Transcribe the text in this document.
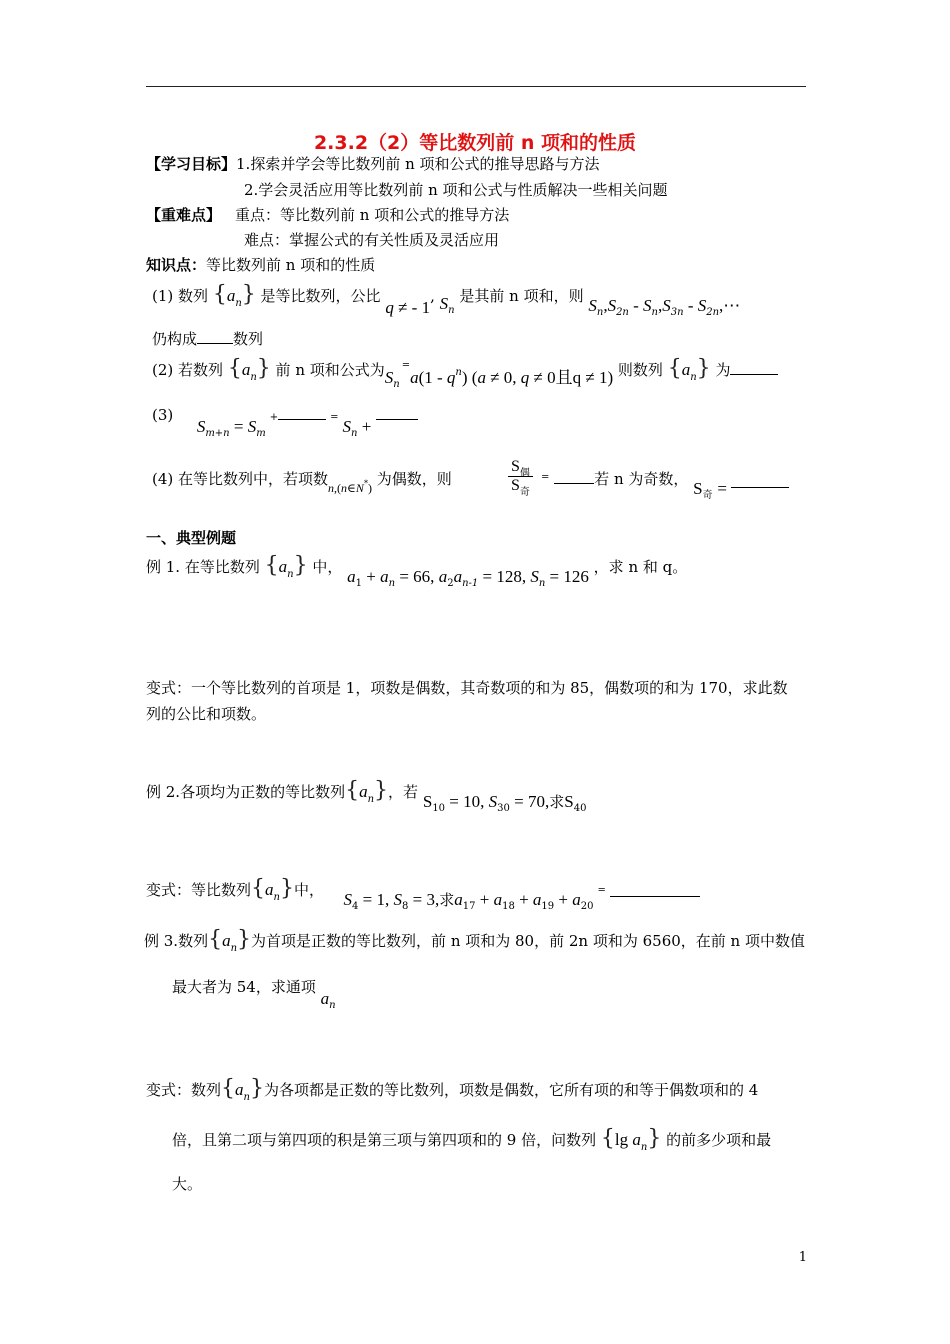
2.3.2（2）等比数列前 n 项和的性质
【学习目标】1.探索并学会等比数列前 n 项和公式的推导思路与方法
2.学会灵活应用等比数列前 n 项和公式与性质解决一些相关问题
【重难点】 重点：等比数列前 n 项和公式的推导方法
难点：掌握公式的有关性质及灵活应用
知识点：等比数列前 n 项和的性质
(1) 数列 $\{a_n\}$ 是等比数列，公比 q ≠ - 1, $S_n$ 是其前 n 项和，则 $S_n,S_{2n} - S_n,S_{3n}$ - $S_{2n},\cdots$
仍构成 数列
(2) 若数列 $\{a_n\}$ 前 n 项和公式为$S_n^=a(1 - qn) (a \ne 0$, q ≠ 0且q ≠ 1) 则数列 $\{a_n\}$ 为
(3)  $S_{m+n} = S_m+$	= $S_n$ +
(4) 在等比数列中，若项数$_{n,(n\in N}*_)$ 为偶数，则	$\frac{S_偶}{S_奇} ^=$	若 n 为奇数， $S_奇$ =
一、典型例题
例 1. 在等比数列 $\{a_n\}$ 中， $a_1 + a_n = 66$, $a_2a_{n-1} = 128$, $S_n = 126$ ，求 n 和 q。
变式：一个等比数列的首项是 1，项数是偶数，其奇数项的和为 85，偶数项的和为 170，求此数
列的公比和项数。
例 2.各项均为正数的等比数列$\{a_n\}$，若 $S_{10} = 10$, $S_{30} = 70$,求$S_{40}$
变式：等比数列$\{a_n\}$中， $S_4 = 1$, $S_8 = 3$,求$a_{17} + a_{18} + a_{19} + a_{20}=$
例 3.数列$\{a_n\}$为首项是正数的等比数列，前 n 项和为 80，前 2n 项和为 6560，在前 n 项中数值
最大者为 54，求通项 $a_n$
变式：数列$\{a_n\}$为各项都是正数的等比数列，项数是偶数，它所有项的和等于偶数项和的 4
倍，且第二项与第四项的积是第三项与第四项和的 9 倍，问数列 {lg $a_n$} 的前多少项和最
大。
1
